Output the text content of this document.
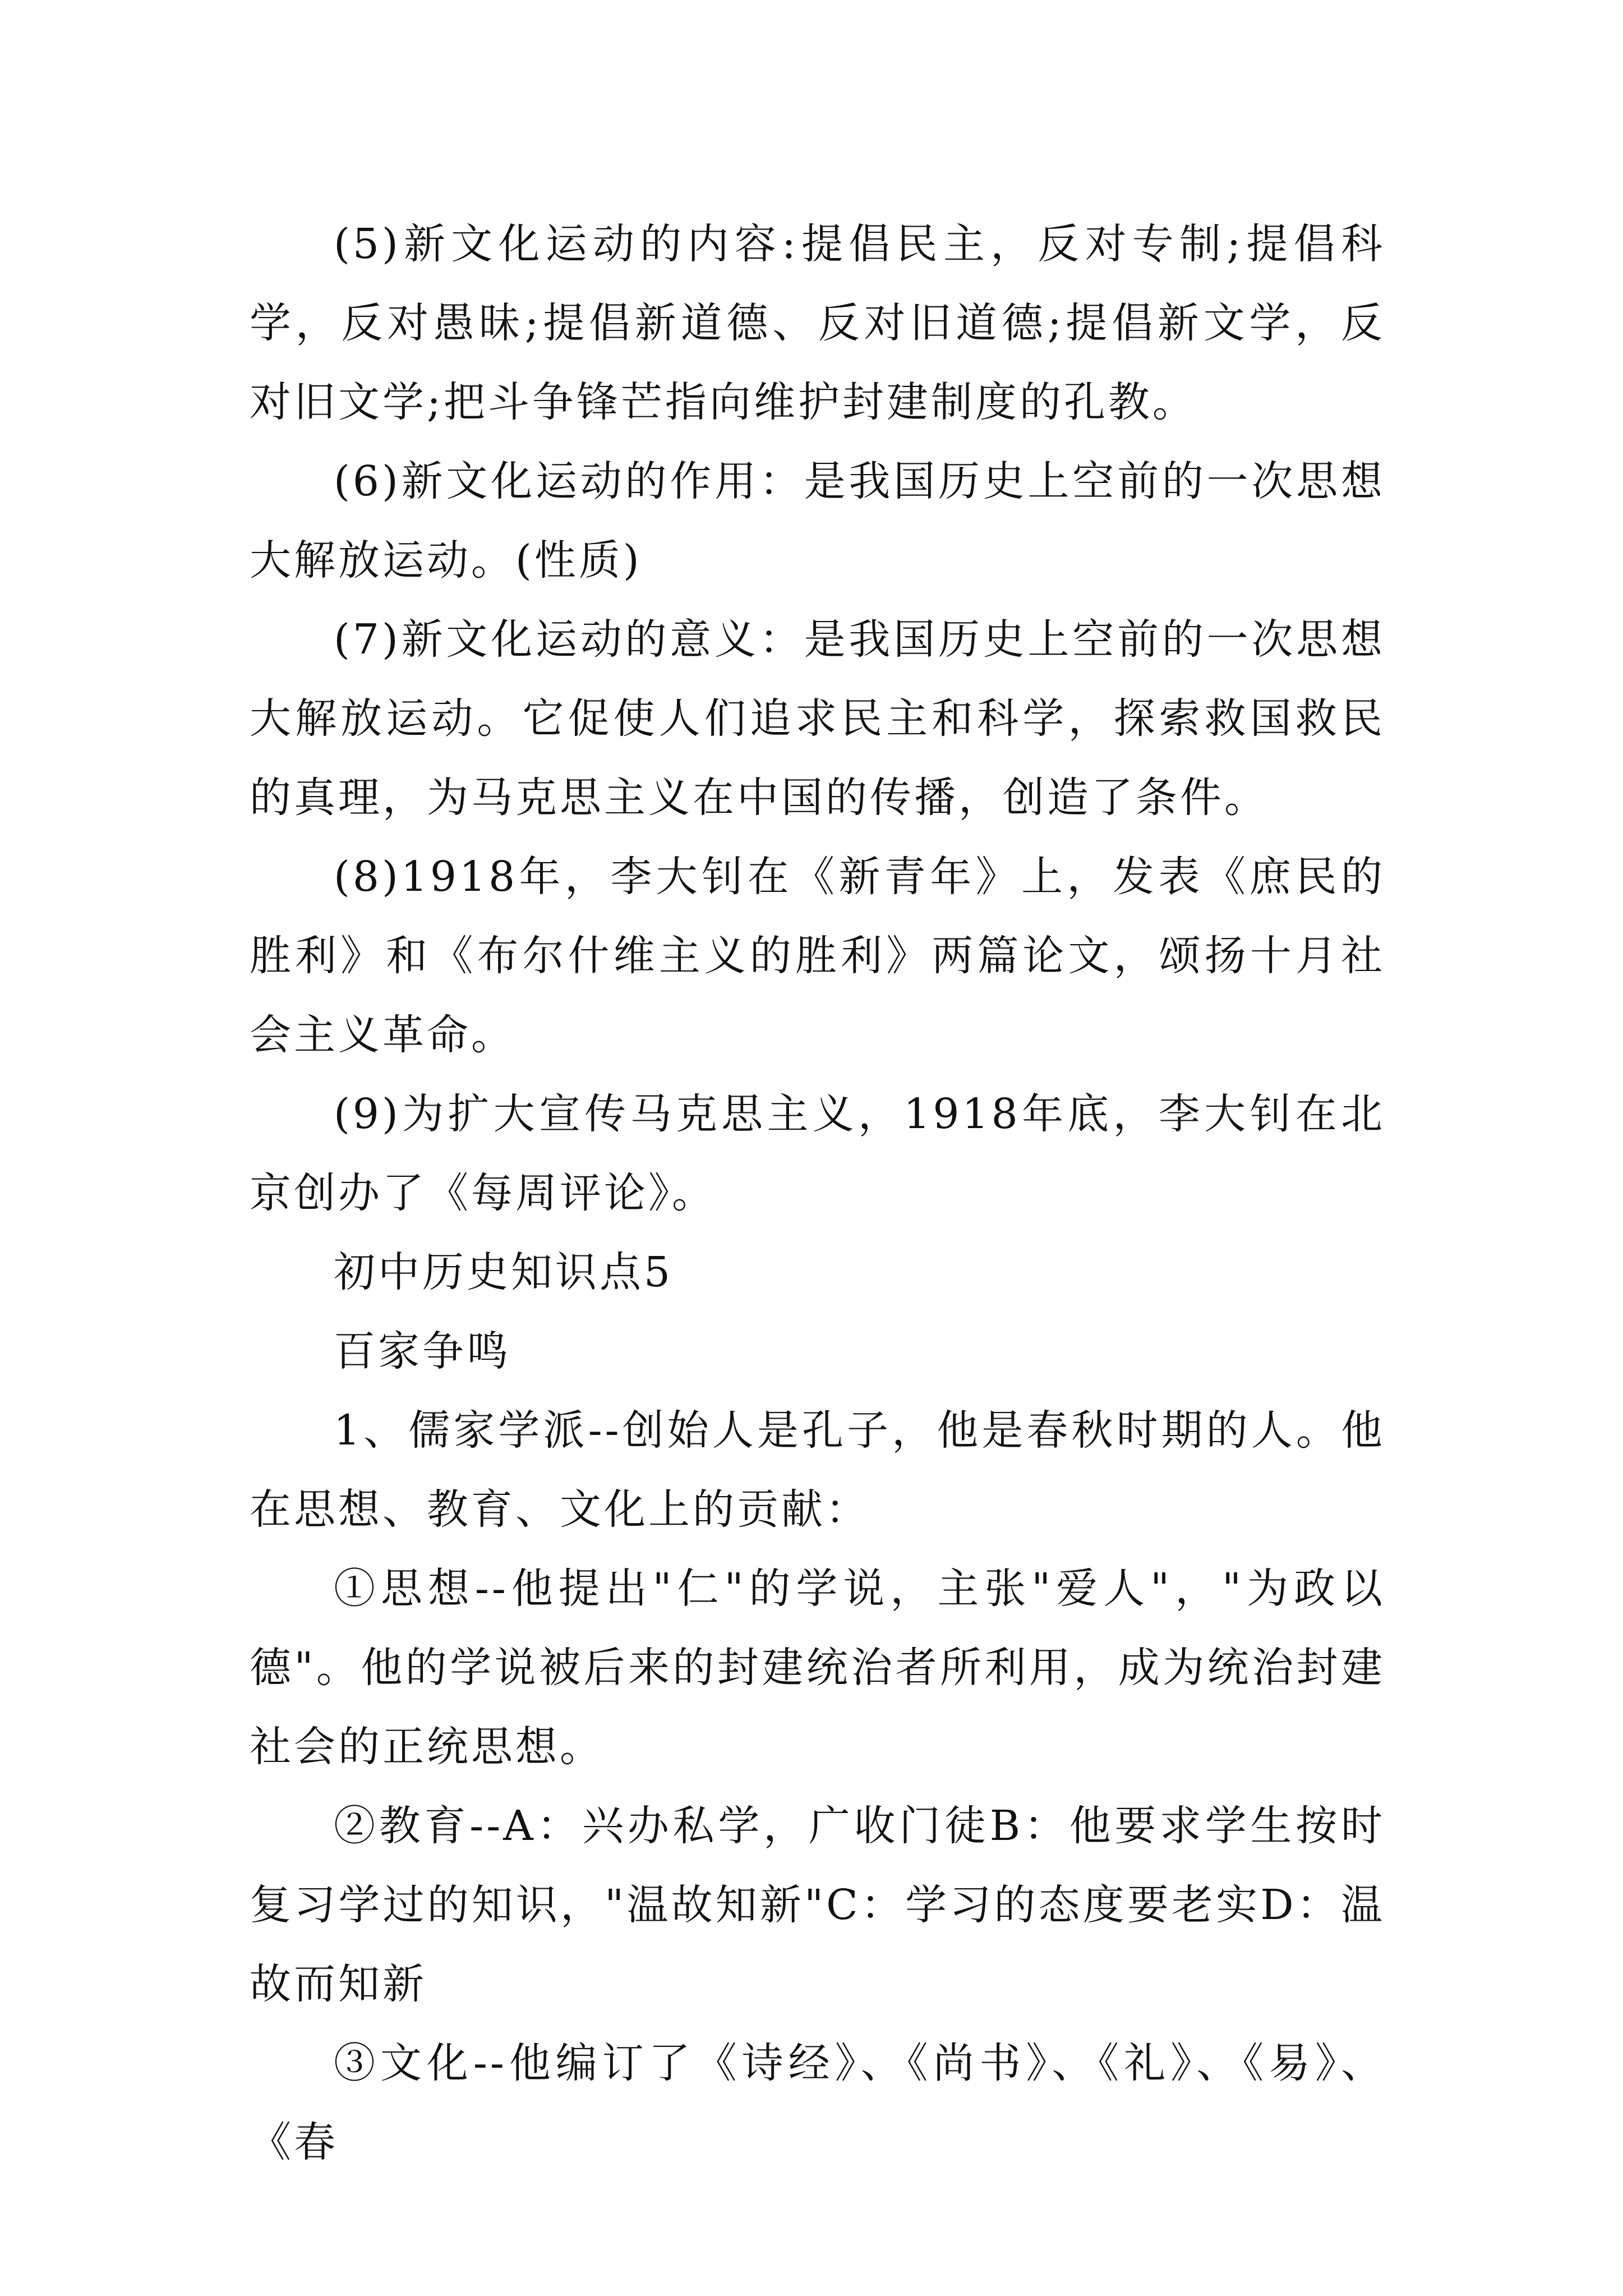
(5)新文化运动的内容:提倡民主，反对专制;提倡科学，反对愚昧;提倡新道德、反对旧道德;提倡新文学，反对旧文学;把斗争锋芒指向维护封建制度的孔教。

(6)新文化运动的作用：是我国历史上空前的一次思想大解放运动。(性质)

(7)新文化运动的意义：是我国历史上空前的一次思想大解放运动。它促使人们追求民主和科学，探索救国救民的真理，为马克思主义在中国的传播，创造了条件。

(8)1918年，李大钊在《新青年》上，发表《庶民的胜利》和《布尔什维主义的胜利》两篇论文，颂扬十月社会主义革命。

(9)为扩大宣传马克思主义，1918年底，李大钊在北京创办了《每周评论》。

初中历史知识点5

百家争鸣

1、儒家学派--创始人是孔子，他是春秋时期的人。他在思想、教育、文化上的贡献：

①思想--他提出"仁"的学说，主张"爱人"，"为政以德"。他的学说被后来的封建统治者所利用，成为统治封建社会的正统思想。

②教育--A：兴办私学，广收门徒B：他要求学生按时复习学过的知识，"温故知新"C：学习的态度要老实D：温故而知新

③文化--他编订了《诗经》、《尚书》、《礼》、《易》、《春
